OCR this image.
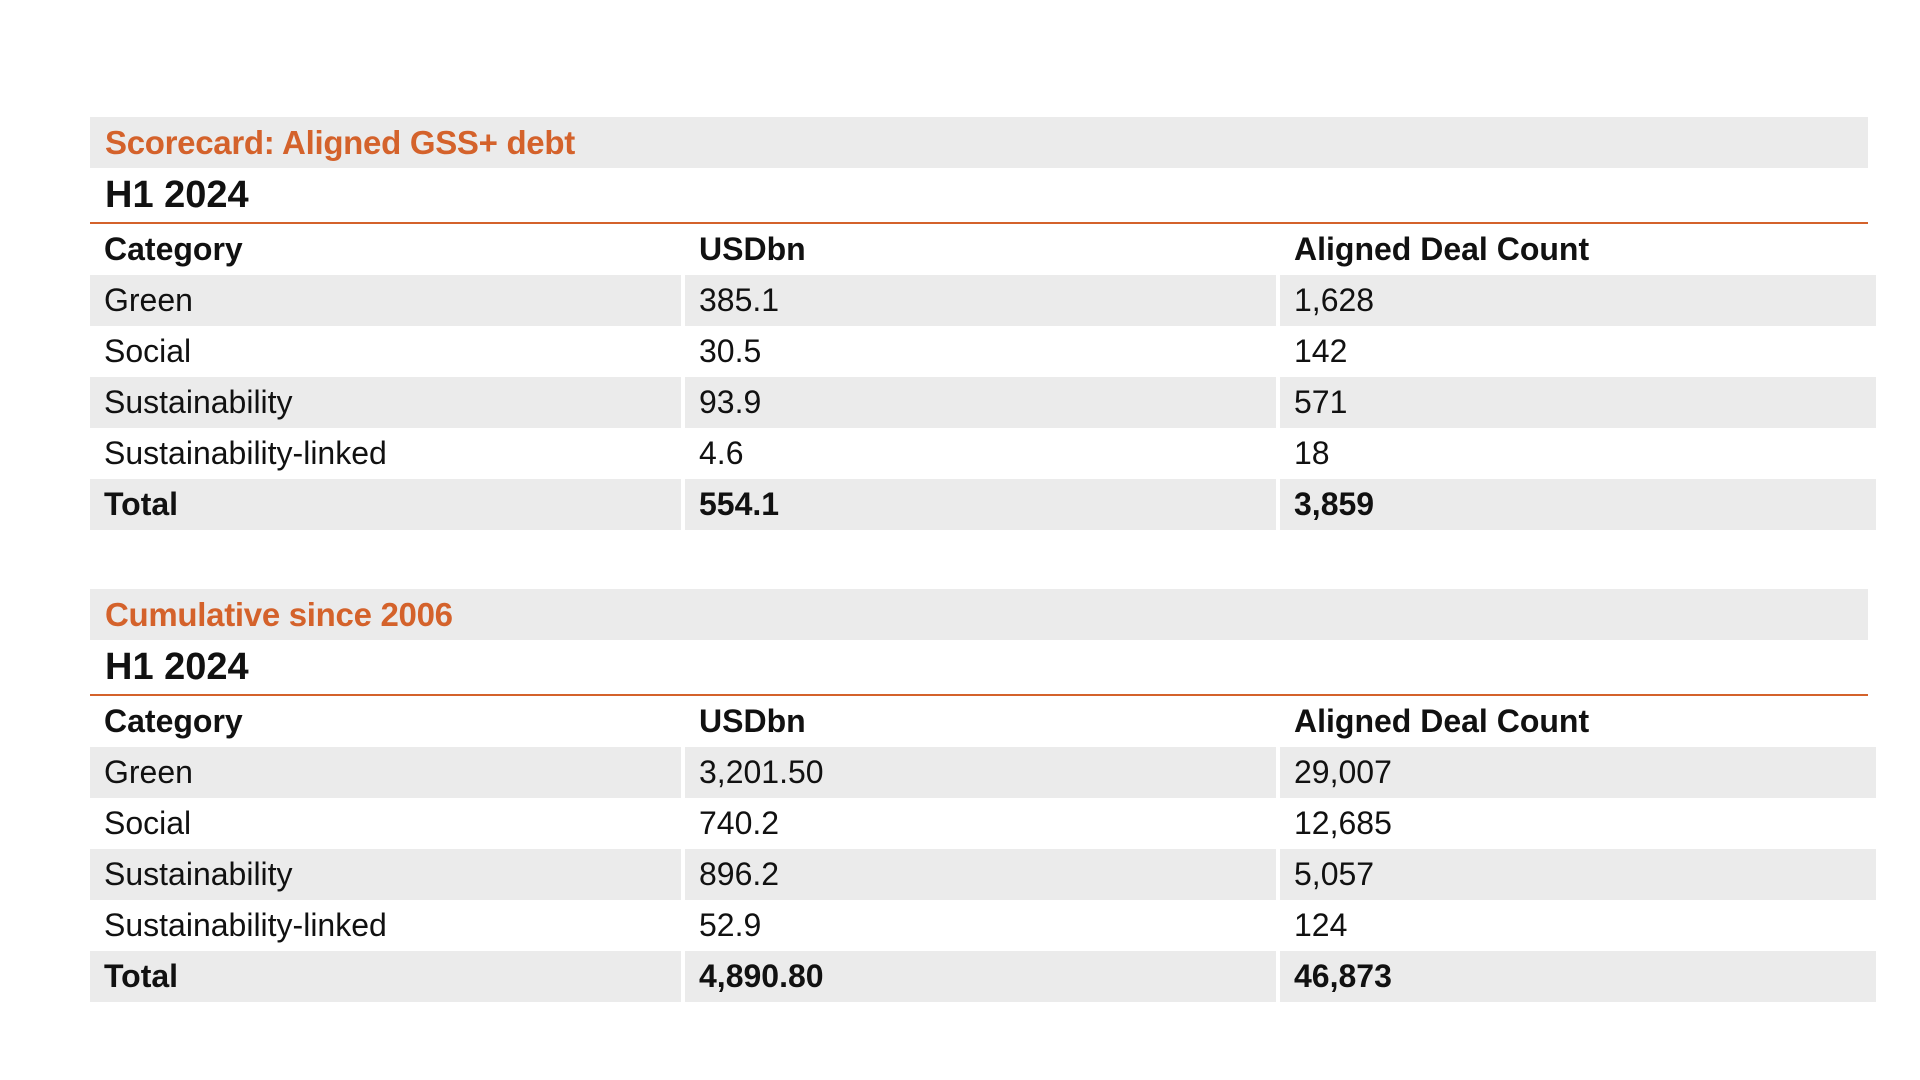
Scorecard: Aligned GSS+ debt
H1 2024
Category	USDbn	Aligned Deal Count
Green	385.1	1,628
Social	30.5	142
Sustainability	93.9	571
Sustainability-linked	4.6	18
Total	554.1	3,859
Cumulative since 2006
H1 2024
Category	USDbn	Aligned Deal Count
Green	3,201.50	29,007
Social	740.2	12,685
Sustainability	896.2	5,057
Sustainability-linked	52.9	124
Total	4,890.80	46,873
